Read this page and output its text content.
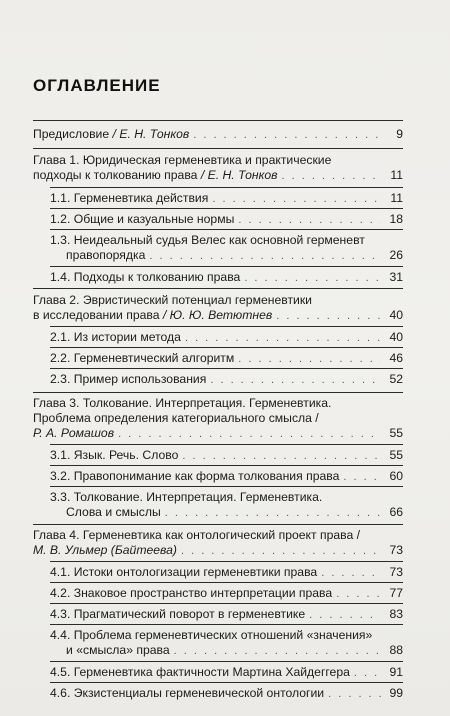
ОГЛАВЛЕНИЕ
Предисловие
/ Е. Н. Тонков . . .	9
Глава 1. Юридическая герменевтика и практические
подходы к толкованию права
/ Е. Н. Тонков . . .	11
1.1. Герменевтика действия . . .	11
1.2. Общие и казуальные нормы . . .	18
1.3. Неидеальный судья Велес как основной герменевт
правопорядка . . .	26
1.4. Подходы к толкованию права . . .	31
Глава 2. Эвристический потенциал герменевтики
в исследовании права
/ Ю. Ю. Ветютнев . . .	40
2.1. Из истории метода . . .	40
2.2. Герменевтический алгоритм . . .	46
2.3. Пример использования . . .	52
Глава 3. Толкование. Интерпретация. Герменевтика.
Проблема определения категориального смысла /
Р. А. Ромашов . . .	55
3.1. Язык. Речь. Слово . . .	55
3.2. Правопонимание как форма толкования права . . .	60
3.3. Толкование. Интерпретация. Герменевтика.
Слова и смыслы . . .	66
Глава 4. Герменевтика как онтологический проект права /
М. В. Ульмер (Байтеева) . . .	73
4.1. Истоки онтологизации герменевтики права . . .	73
4.2. Знаковое пространство интерпретации права . . .	77
4.3. Прагматический поворот в герменевтике . . .	83
4.4. Проблема герменевтических отношений «значения»
и «смысла» права . . .	88
4.5. Герменевтика фактичности Мартина Хайдеггера . . .	91
4.6. Экзистенциалы герменевической онтологии . . .	99
